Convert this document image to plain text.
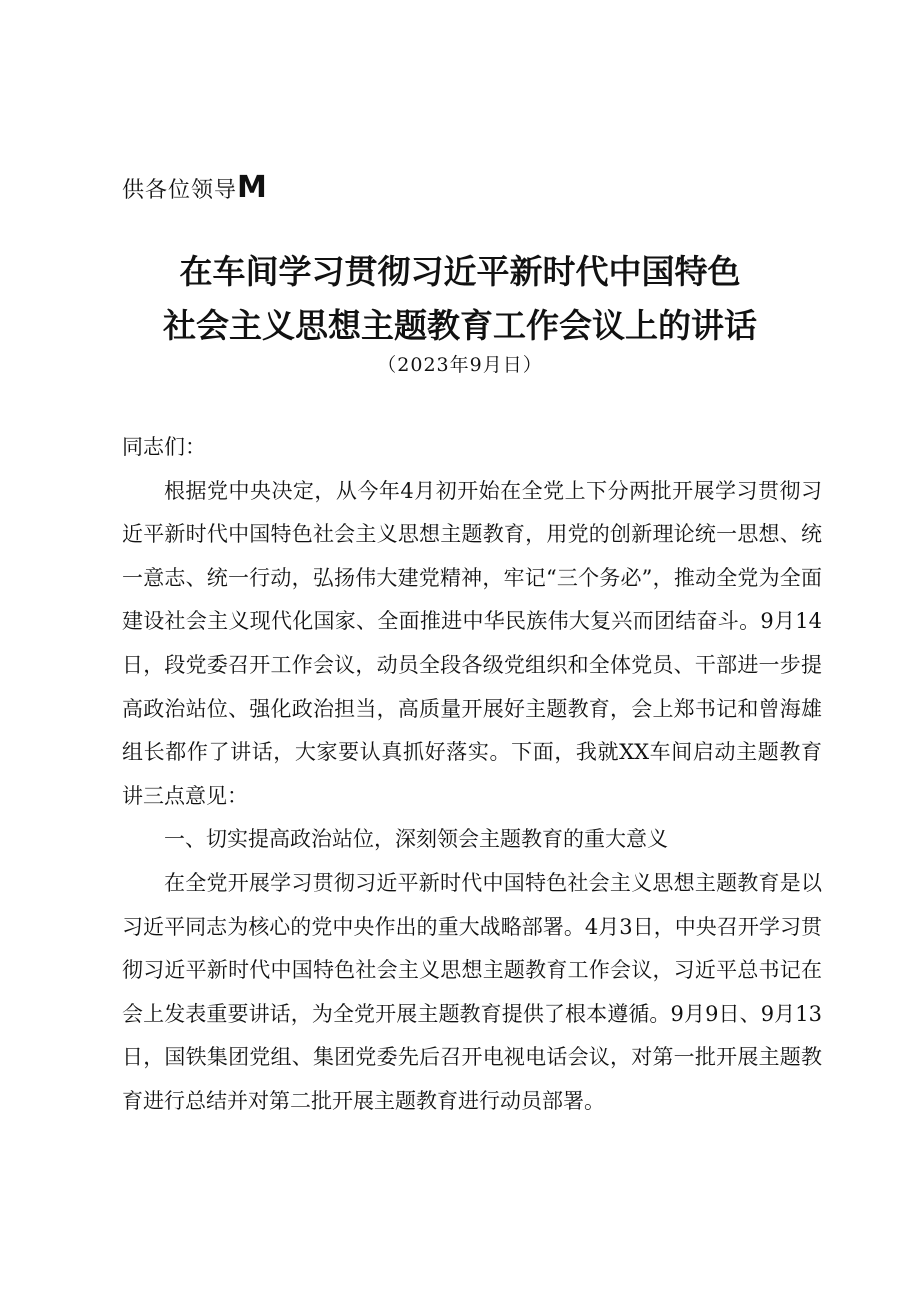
供各位领导M
在车间学习贯彻习近平新时代中国特色
社会主义思想主题教育工作会议上的讲话
（2023年9月日）

同志们：

根据党中央决定，从今年4月初开始在全党上下分两批开展学习贯彻习近平新时代中国特色社会主义思想主题教育，用党的创新理论统一思想、统一意志、统一行动，弘扬伟大建党精神，牢记“三个务必”，推动全党为全面建设社会主义现代化国家、全面推进中华民族伟大复兴而团结奋斗。9月14日，段党委召开工作会议，动员全段各级党组织和全体党员、干部进一步提高政治站位、强化政治担当，高质量开展好主题教育，会上郑书记和曾海雄组长都作了讲话，大家要认真抓好落实。下面，我就XX车间启动主题教育讲三点意见：

一、切实提高政治站位，深刻领会主题教育的重大意义

在全党开展学习贯彻习近平新时代中国特色社会主义思想主题教育是以习近平同志为核心的党中央作出的重大战略部署。4月3日，中央召开学习贯彻习近平新时代中国特色社会主义思想主题教育工作会议，习近平总书记在会上发表重要讲话，为全党开展主题教育提供了根本遵循。9月9日、9月13日，国铁集团党组、集团党委先后召开电视电话会议，对第一批开展主题教育进行总结并对第二批开展主题教育进行动员部署。
